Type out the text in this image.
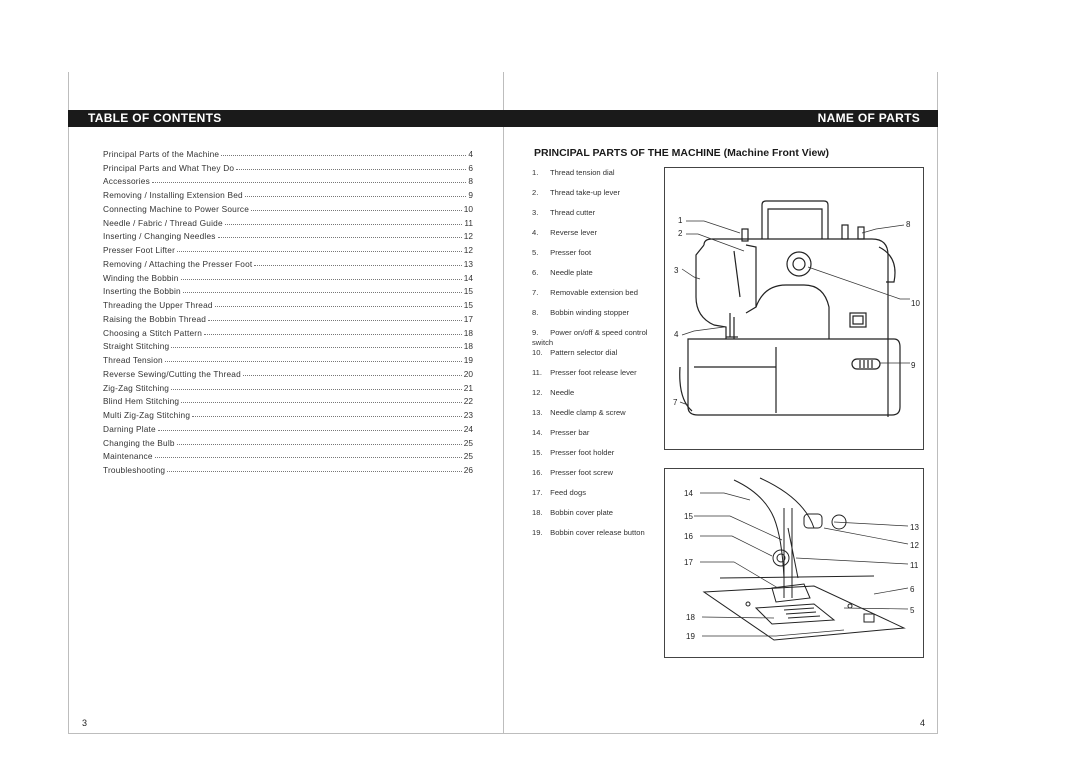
TABLE OF CONTENTS	NAME OF PARTS
Principal Parts of the Machine	4
Principal Parts and What They Do	6
Accessories	8
Removing / Installing Extension Bed	9
Connecting Machine to Power Source	10
Needle / Fabric / Thread Guide	11
Inserting / Changing Needles	12
Presser Foot Lifter	12
Removing / Attaching the Presser Foot	13
Winding the Bobbin	14
Inserting the Bobbin	15
Threading the Upper Thread	15
Raising the Bobbin Thread	17
Choosing a Stitch Pattern	18
Straight Stitching	18
Thread Tension	19
Reverse Sewing/Cutting the Thread	20
Zig-Zag Stitching	21
Blind Hem Stitching	22
Multi Zig-Zag Stitching	23
Darning Plate	24
Changing the Bulb	25
Maintenance	25
Troubleshooting	26
PRINCIPAL PARTS OF THE MACHINE (Machine Front View)
1. Thread tension dial
2. Thread take-up lever
3. Thread cutter
4. Reverse lever
5. Presser foot
6. Needle plate
7. Removable extension bed
8. Bobbin winding stopper
9. Power on/off & speed control switch
10. Pattern selector dial
11. Presser foot release lever
12. Needle
13. Needle clamp & screw
14. Presser bar
15. Presser foot holder
16. Presser foot screw
17. Feed dogs
18. Bobbin cover plate
19. Bobbin cover release button
1
2
3
4
7
8
10
9
14
15
16
17
18
19
13
12
11
6
5
3	4
